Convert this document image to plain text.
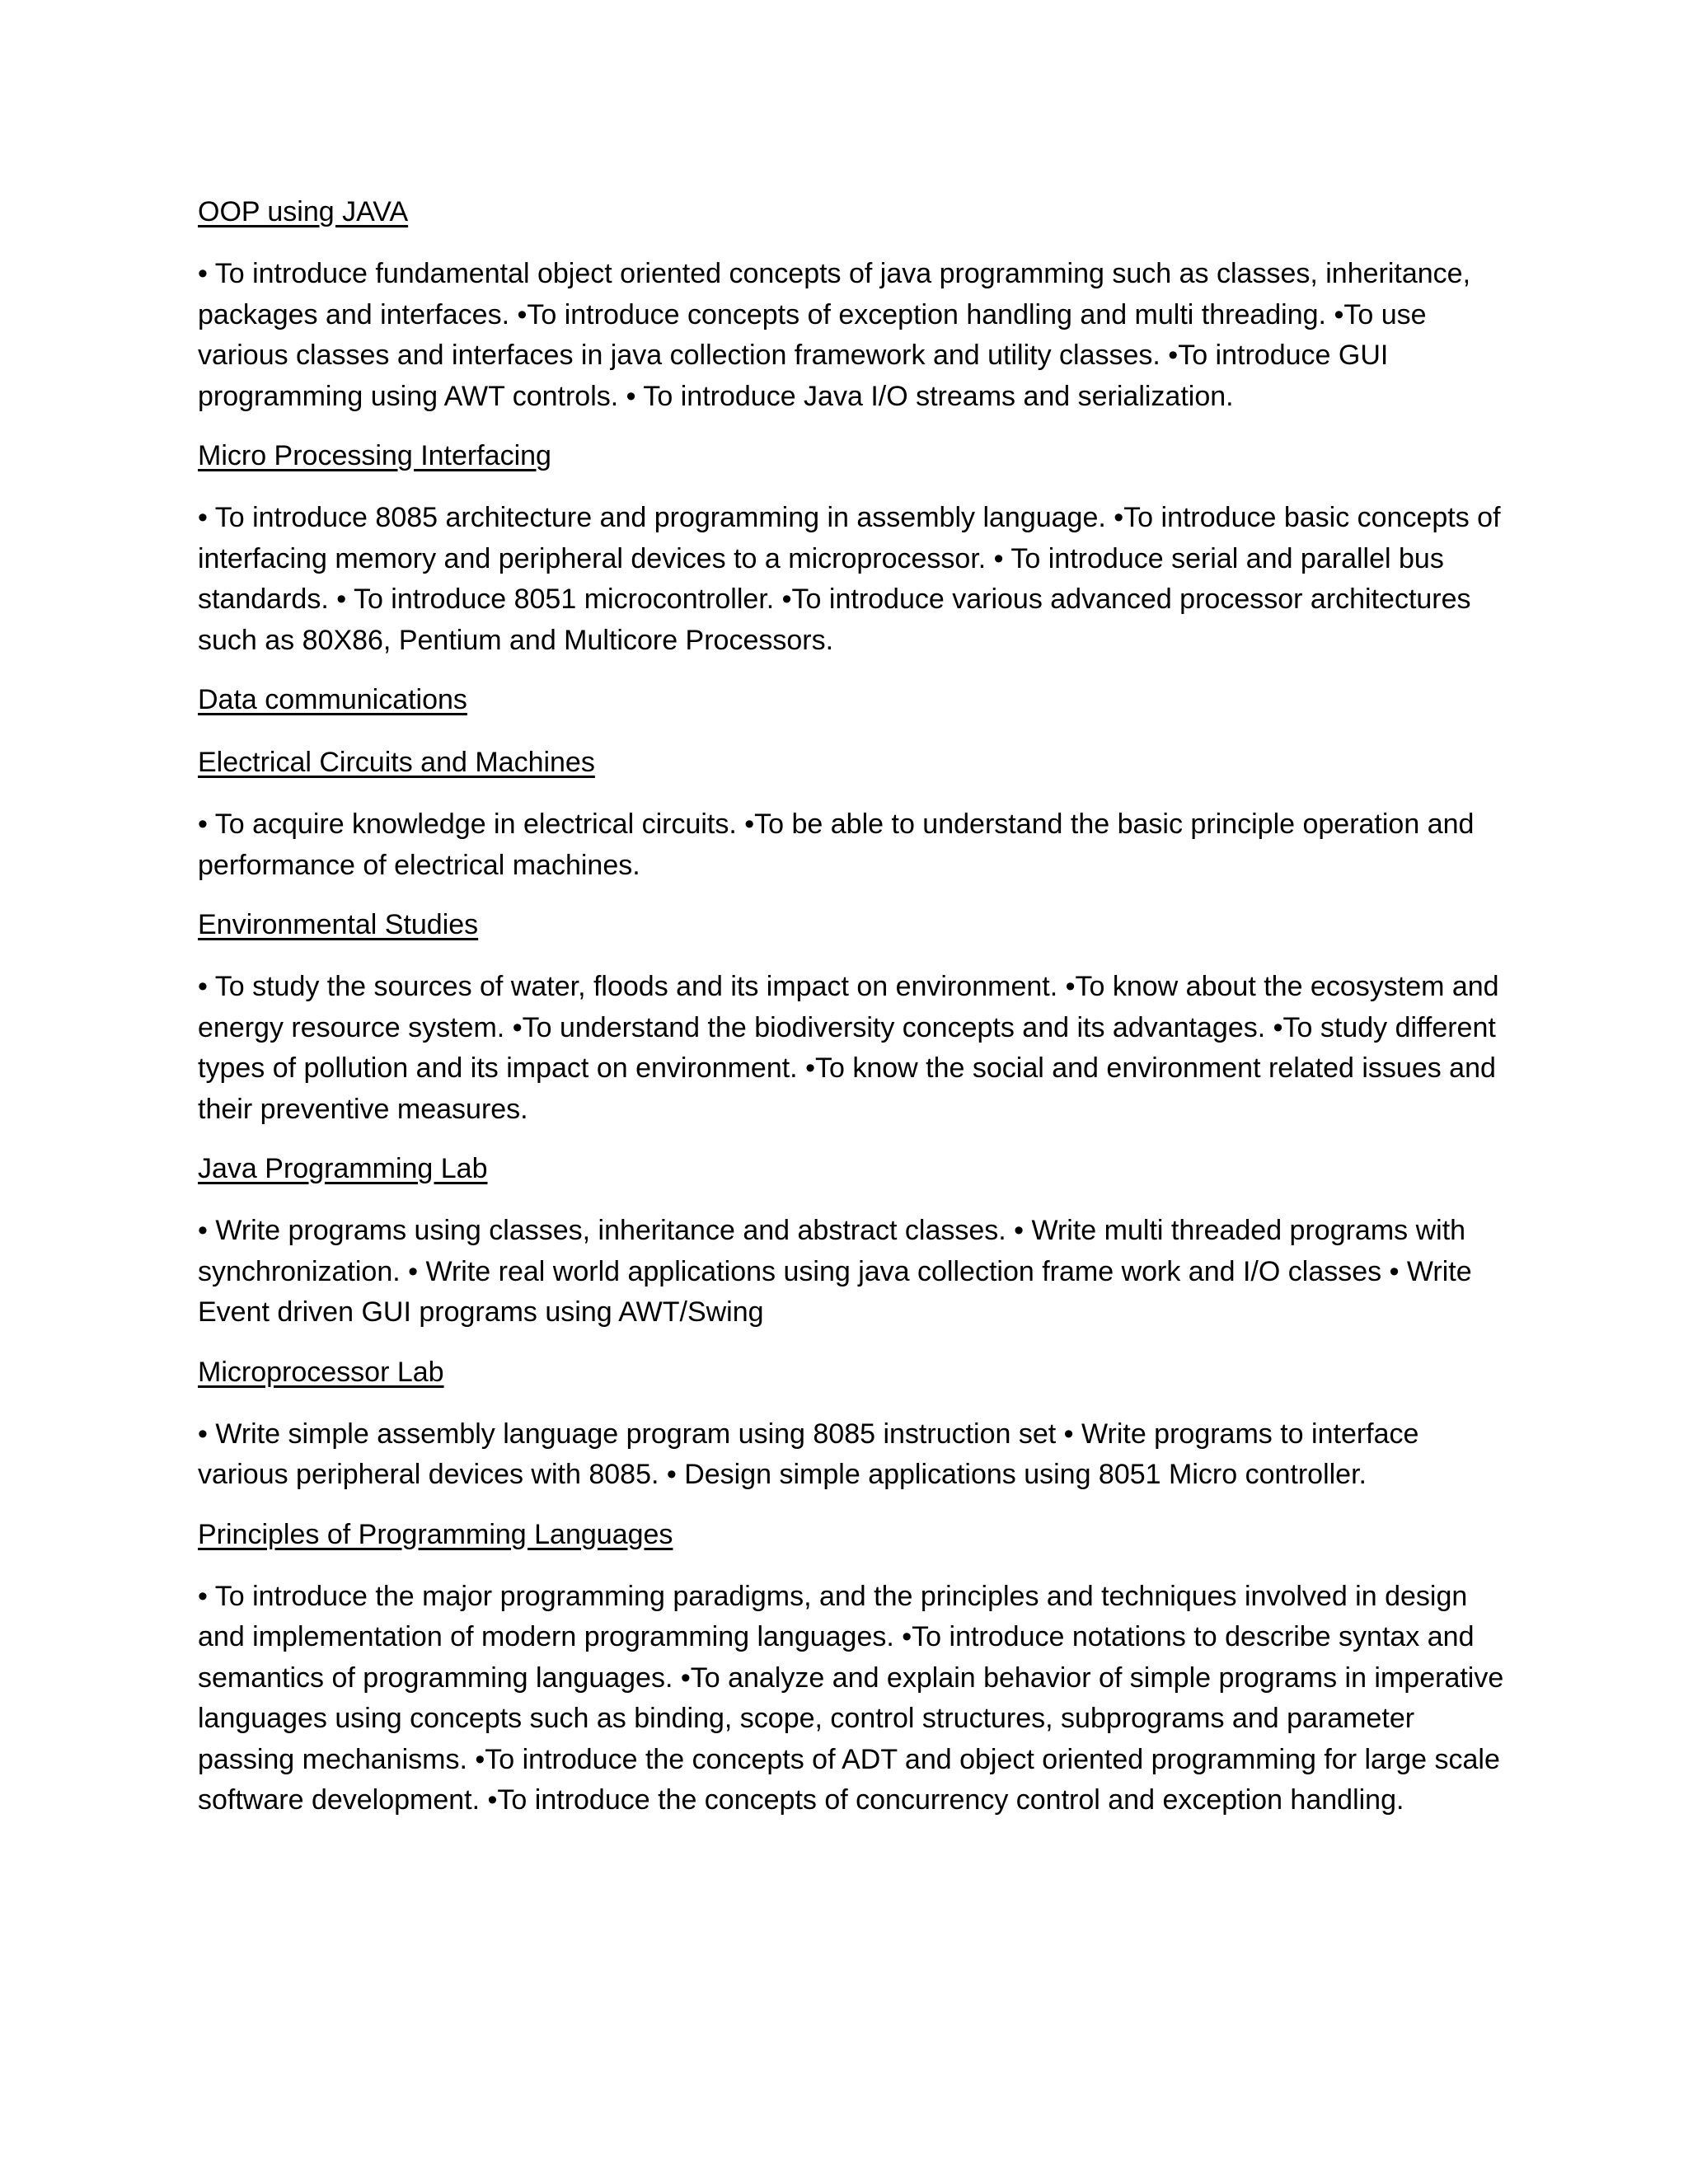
OOP using JAVA

• To introduce fundamental object oriented concepts of java programming such as classes, inheritance, packages and interfaces. •To introduce concepts of exception handling and multi threading. •To use various classes and interfaces in java collection framework and utility classes. •To introduce GUI programming using AWT controls. • To introduce Java I/O streams and serialization.

Micro Processing Interfacing

• To introduce 8085 architecture and programming in assembly language. •To introduce basic concepts of interfacing memory and peripheral devices to a microprocessor. • To introduce serial and parallel bus standards. • To introduce 8051 microcontroller. •To introduce various advanced processor architectures such as 80X86, Pentium and Multicore Processors.

Data communications
Electrical Circuits and Machines

• To acquire knowledge in electrical circuits. •To be able to understand the basic principle operation and performance of electrical machines.

Environmental Studies

• To study the sources of water, floods and its impact on environment. •To know about the ecosystem and energy resource system. •To understand the biodiversity concepts and its advantages. •To study different types of pollution and its impact on environment. •To know the social and environment related issues and their preventive measures.

Java Programming Lab

• Write programs using classes, inheritance and abstract classes. • Write multi threaded programs with synchronization. • Write real world applications using java collection frame work and I/O classes • Write Event driven GUI programs using AWT/Swing

Microprocessor Lab

• Write simple assembly language program using 8085 instruction set • Write programs to interface various peripheral devices with 8085. • Design simple applications using 8051 Micro controller.

Principles of Programming Languages

• To introduce the major programming paradigms, and the principles and techniques involved in design and implementation of modern programming languages. •To introduce notations to describe syntax and semantics of programming languages. •To analyze and explain behavior of simple programs in imperative languages using concepts such as binding, scope, control structures, subprograms and parameter passing mechanisms. •To introduce the concepts of ADT and object oriented programming for large scale software development. •To introduce the concepts of concurrency control and exception handling.
